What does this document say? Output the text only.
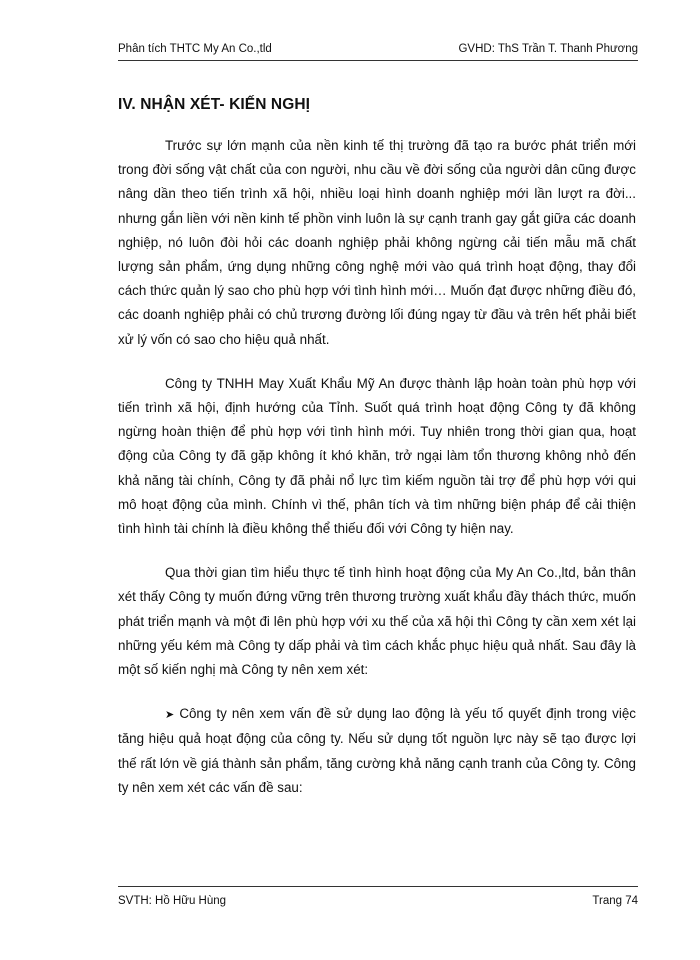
Phân tích THTC My An Co.,tld	GVHD: ThS Trần T. Thanh Phương
IV. NHẬN XÉT- KIẾN NGHỊ

Trước sự lớn mạnh của nền kinh tế thị trường đã tạo ra bước phát triển mới trong đời sống vật chất của con người, nhu cầu về đời sống của người dân cũng được nâng dần theo tiến trình xã hội, nhiều loại hình doanh nghiệp mới lần lượt ra đời... nhưng gắn liền với nền kinh tế phồn vinh luôn là sự cạnh tranh gay gắt giữa các doanh nghiệp, nó luôn đòi hỏi các doanh nghiệp phải không ngừng cải tiến mẫu mã chất lượng sản phẩm, ứng dụng những công nghệ mới vào quá trình hoạt động, thay đổi cách thức quản lý sao cho phù hợp với tình hình mới… Muốn đạt được những điều đó, các doanh nghiệp phải có chủ trương đường lối đúng ngay từ đầu và trên hết phải biết xử lý vốn có sao cho hiệu quả nhất.

Công ty TNHH May Xuất Khẩu Mỹ An được thành lập hoàn toàn phù hợp với tiến trình xã hội, định hướng của Tỉnh. Suốt quá trình hoạt động Công ty đã không ngừng hoàn thiện để phù hợp với tình hình mới. Tuy nhiên trong thời gian qua, hoạt động của Công ty đã gặp không ít khó khăn, trở ngại làm tổn thương không nhỏ đến khả năng tài chính, Công ty đã phải nổ lực tìm kiếm nguồn tài trợ để phù hợp với qui mô hoạt động của mình. Chính vì thế, phân tích và tìm những biện pháp để cải thiện tình hình tài chính là điều không thể thiếu đối với Công ty hiện nay.

Qua thời gian tìm hiểu thực tế tình hình hoạt động của My An Co.,ltd, bản thân xét thấy Công ty muốn đứng vững trên thương trường xuất khẩu đầy thách thức, muốn phát triển mạnh và một đi lên phù hợp với xu thế của xã hội thì Công ty cần xem xét lại những yếu kém mà Công ty dấp phải và tìm cách khắc phục hiệu quả nhất. Sau đây là một số kiến nghị mà Công ty nên xem xét:

➤ Công ty nên xem vấn đề sử dụng lao động là yếu tố quyết định trong việc tăng hiệu quả hoạt động của công ty. Nếu sử dụng tốt nguồn lực này sẽ tạo được lợi thế rất lớn về giá thành sản phẩm, tăng cường khả năng cạnh tranh của Công ty. Công ty nên xem xét các vấn đề sau:

SVTH: Hồ Hữu Hùng	Trang 74
